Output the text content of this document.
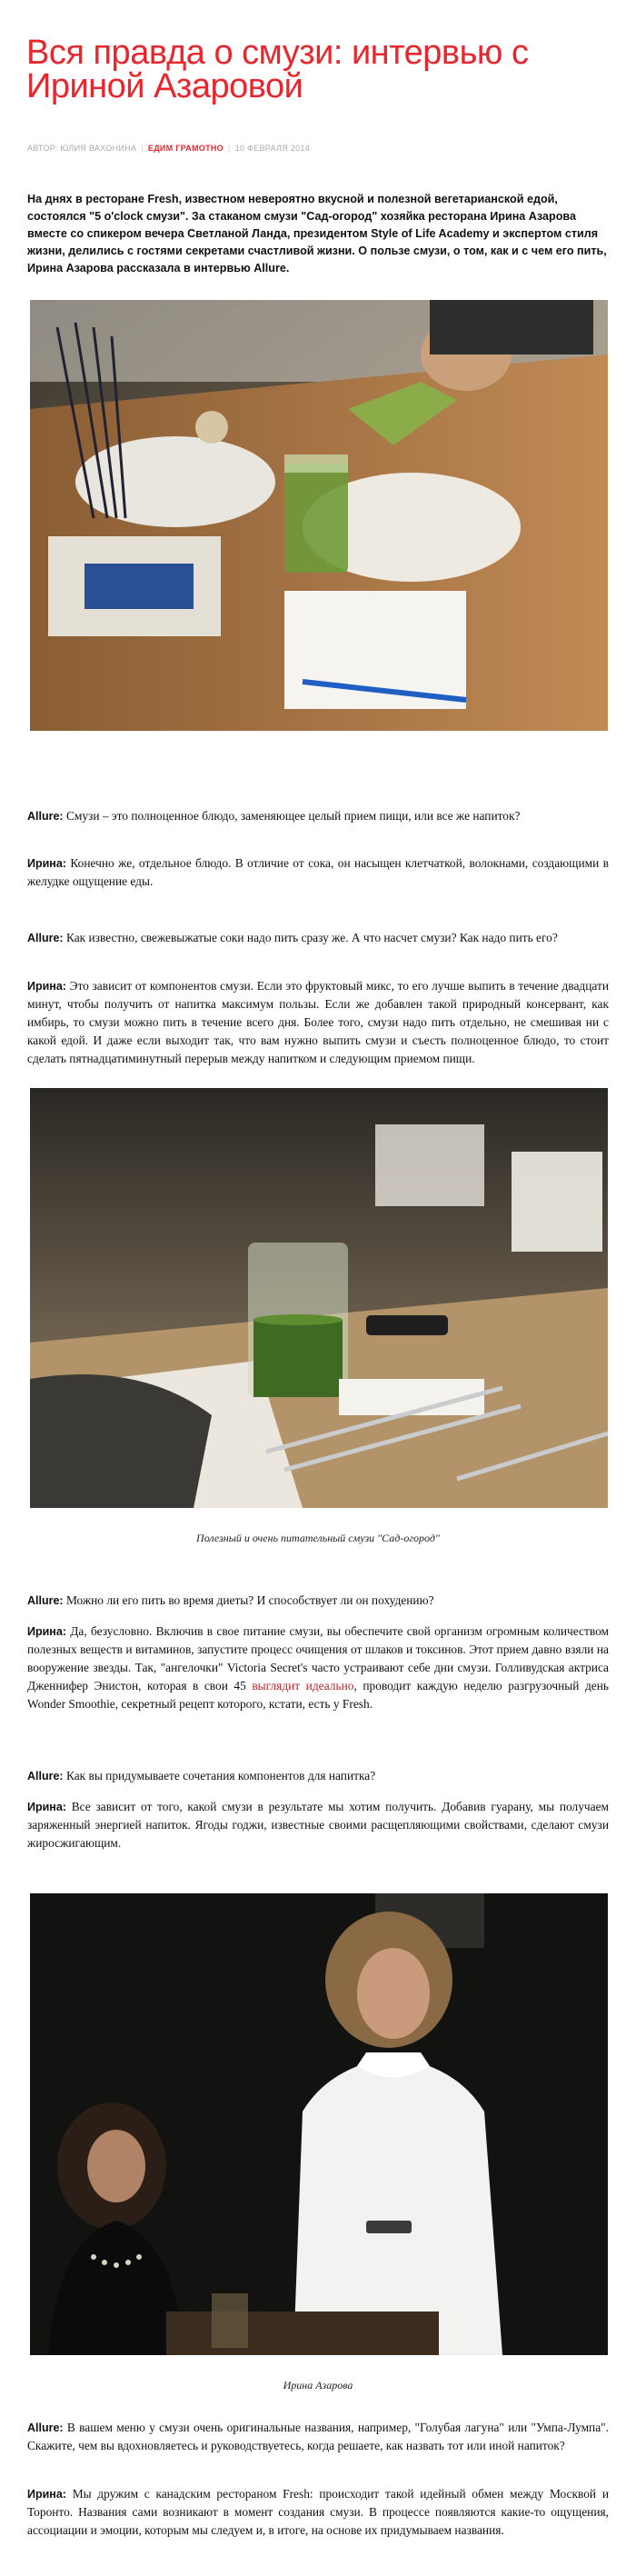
Вся правда о смузи: интервью с Ириной Азаровой
АВТОР: ЮЛИЯ ВАХОНИНА | ЕДИМ ГРАМОТНО | 10 ФЕВРАЛЯ 2014
На днях в ресторане Fresh, известном невероятно вкусной и полезной вегетарианской едой, состоялся "5 o'clock смузи". За стаканом смузи "Сад-огород" хозяйка ресторана Ирина Азарова вместе со спикером вечера Светланой Ланда, президентом Style of Life Academy и экспертом стиля жизни, делились с гостями секретами счастливой жизни. О пользе смузи, о том, как и с чем его пить, Ирина Азарова рассказала в интервью Allure.

Allure: Смузи – это полноценное блюдо, заменяющее целый прием пищи, или все же напиток?

Ирина: Конечно же, отдельное блюдо. В отличие от сока, он насыщен клетчаткой, волокнами, создающими в желудке ощущение еды.

Allure: Как известно, свежевыжатые соки надо пить сразу же. А что насчет смузи? Как надо пить его?

Ирина: Это зависит от компонентов смузи. Если это фруктовый микс, то его лучше выпить в течение двадцати минут, чтобы получить от напитка максимум пользы. Если же добавлен такой природный консервант, как имбирь, то смузи можно пить в течение всего дня. Более того, смузи надо пить отдельно, не смешивая ни с какой едой. И даже если выходит так, что вам нужно выпить смузи и съесть полноценное блюдо, то стоит сделать пятнадцатиминутный перерыв между напитком и следующим приемом пищи.

Полезный и очень питательный смузи "Сад-огород"

Allure: Можно ли его пить во время диеты? И способствует ли он похудению?

Ирина: Да, безусловно. Включив в свое питание смузи, вы обеспечите свой организм огромным количеством полезных веществ и витаминов, запустите процесс очищения от шлаков и токсинов. Этот прием давно взяли на вооружение звезды. Так, "ангелочки" Victoria Secret's часто устраивают себе дни смузи. Голливудская актриса Дженнифер Энистон, которая в свои 45 выглядит идеально, проводит каждую неделю разгрузочный день Wonder Smoothie, секретный рецепт которого, кстати, есть у Fresh.

Allure: Как вы придумываете сочетания компонентов для напитка?

Ирина: Все зависит от того, какой смузи в результате мы хотим получить. Добавив гуарану, мы получаем заряженный энергией напиток. Ягоды годжи, известные своими расщепляющими свойствами, сделают смузи жиросжигающим.

Ирина Азарова

Allure: В вашем меню у смузи очень оригинальные названия, например, "Голубая лагуна" или "Умпа-Лумпа". Скажите, чем вы вдохновляетесь и руководствуетесь, когда решаете, как назвать тот или иной напиток?

Ирина: Мы дружим с канадским рестораном Fresh: происходит такой идейный обмен между Москвой и Торонто. Названия сами возникают в момент создания смузи. В процессе появляются какие-то ощущения, ассоциации и эмоции, которым мы следуем и, в итоге, на основе их придумываем названия.
